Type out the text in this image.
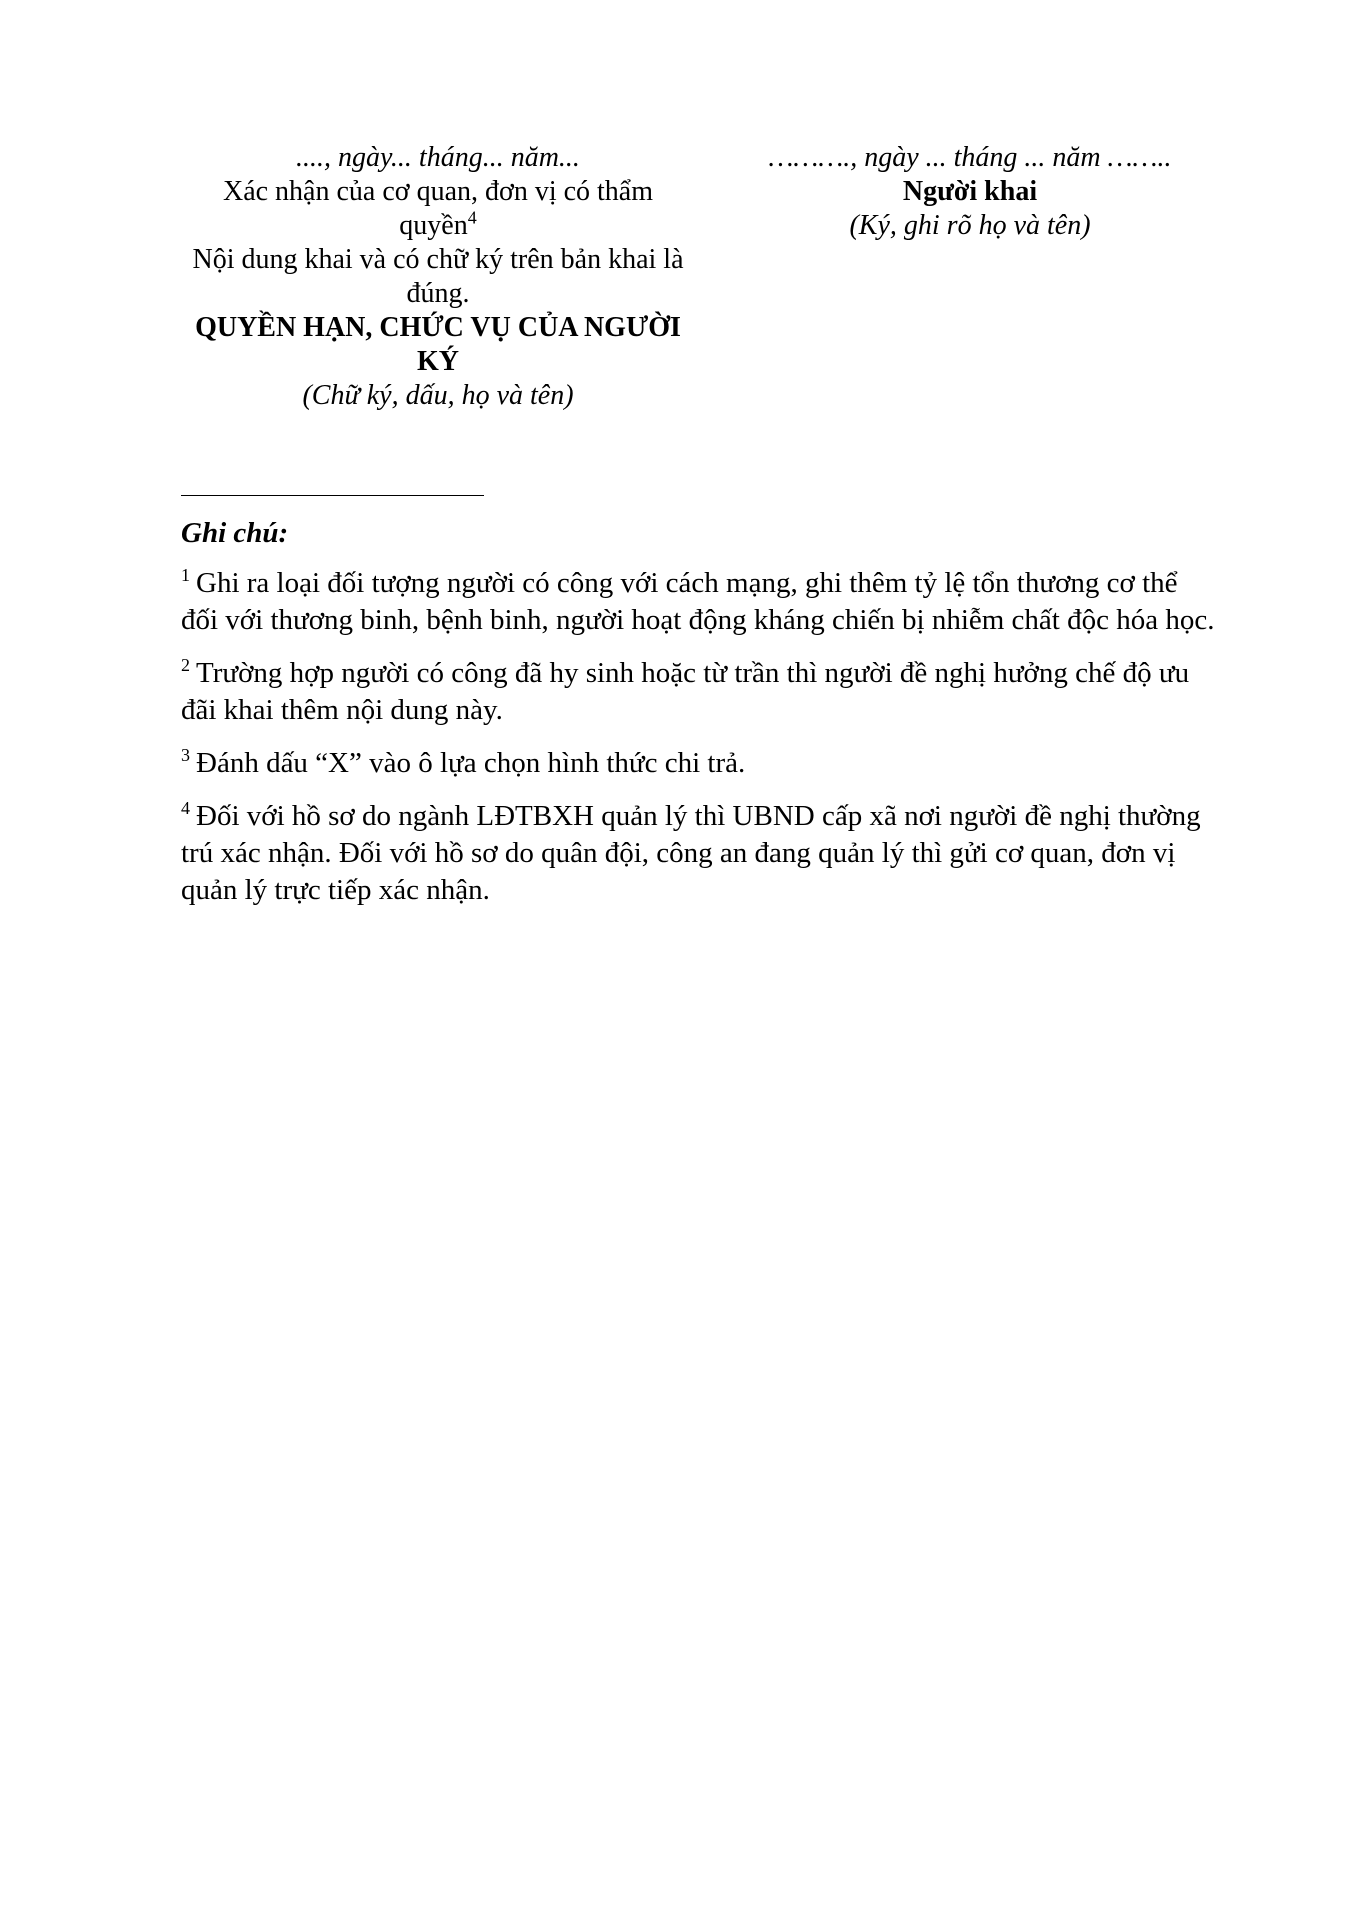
...., ngày... tháng... năm...
Xác nhận của cơ quan, đơn vị có thẩm
quyền$^4$
Nội dung khai và có chữ ký trên bản khai là
đúng.
QUYỀN HẠN, CHỨC VỤ CỦA NGƯỜI
KÝ
(Chữ ký, dấu, họ và tên)
………., ngày ... tháng ... năm ……..
Người khai
(Ký, ghi rõ họ và tên)
Ghi chú:

$^1$ Ghi ra loại đối tượng người có công với cách mạng, ghi thêm tỷ lệ tổn thương cơ thể đối với thương binh, bệnh binh, người hoạt động kháng chiến bị nhiễm chất độc hóa học.

$^2$ Trường hợp người có công đã hy sinh hoặc từ trần thì người đề nghị hưởng chế độ ưu đãi khai thêm nội dung này.

$^3$ Đánh dấu “X” vào ô lựa chọn hình thức chi trả.

$^4$ Đối với hồ sơ do ngành LĐTBXH quản lý thì UBND cấp xã nơi người đề nghị thường trú xác nhận. Đối với hồ sơ do quân đội, công an đang quản lý thì gửi cơ quan, đơn vị quản lý trực tiếp xác nhận.
